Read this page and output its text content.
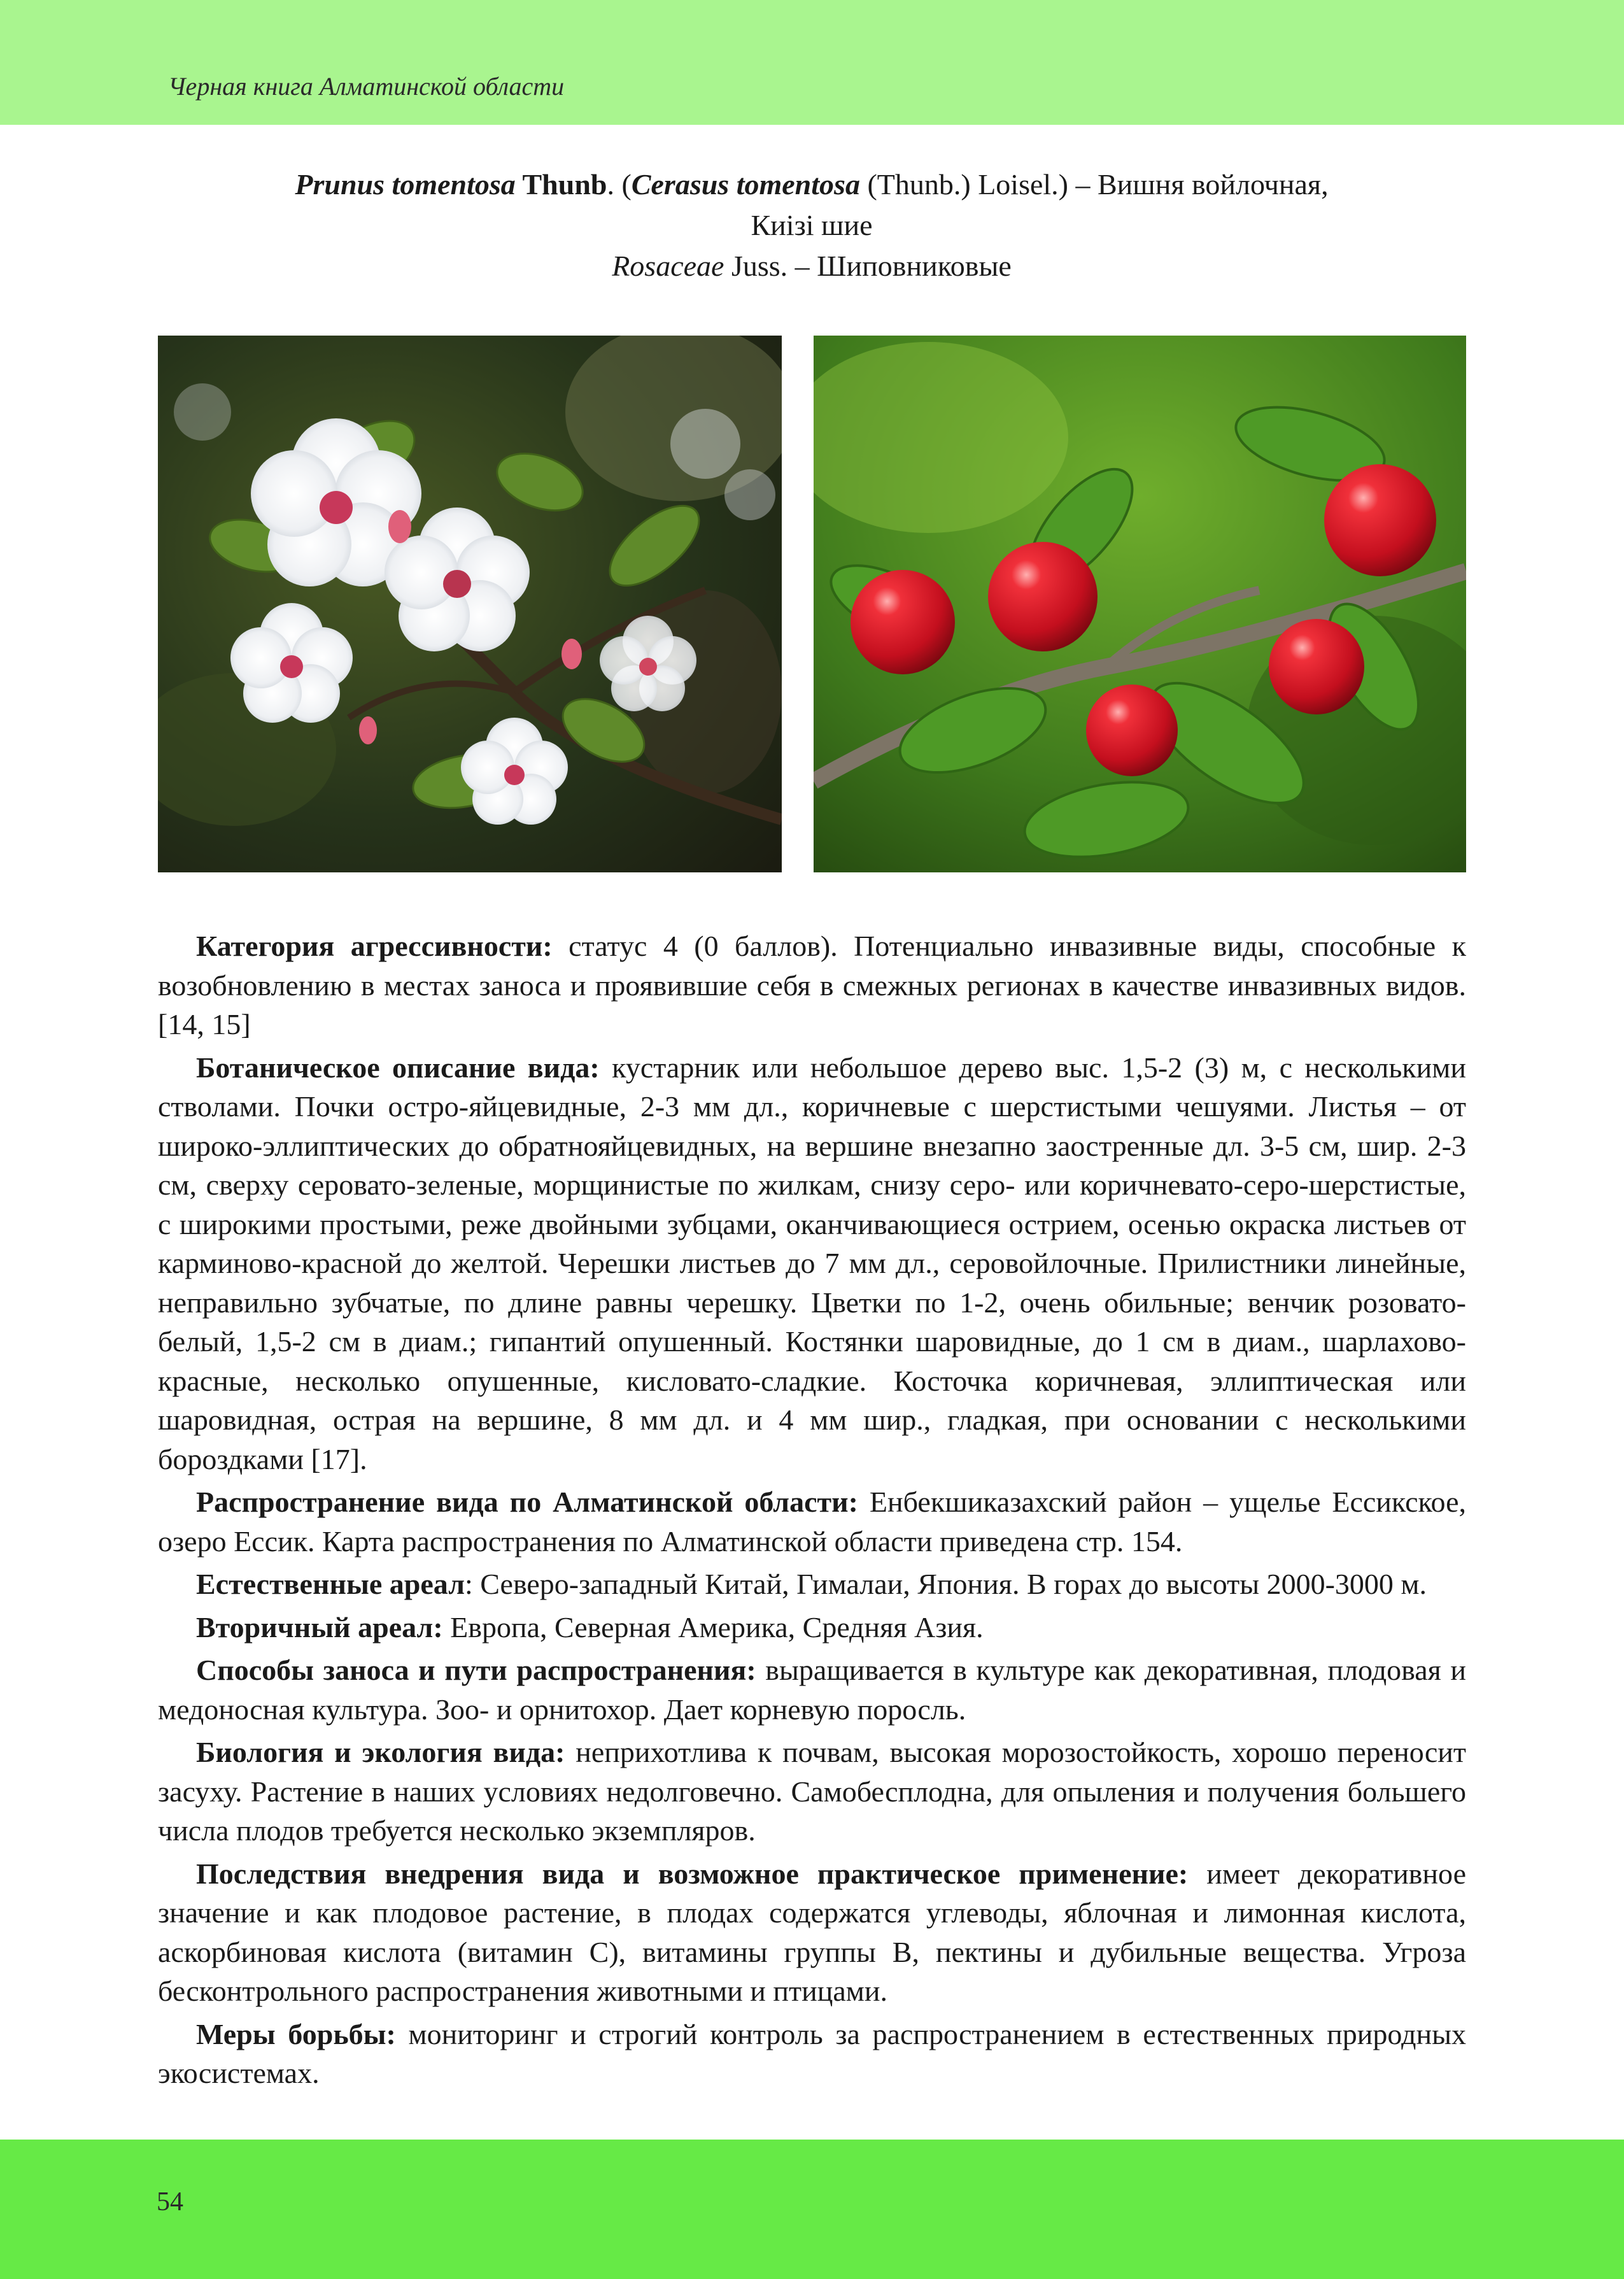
Черная книга Алматинской области
Prunus tomentosa Thunb. (Cerasus tomentosa (Thunb.) Loisel.) – Вишня войлочная,
Киізі шие
Rosaceae Juss. – Шиповниковые

Категория агрессивности: статус 4 (0 баллов). Потенциально инвазивные виды, способные к возобновлению в местах заноса и проявившие себя в смежных регионах в качестве инвазивных видов. [14, 15]

Ботаническое описание вида: кустарник или небольшое дерево выс. 1,5-2 (3) м, с несколькими стволами. Почки остро-яйцевидные, 2-3 мм дл., коричневые с шерстистыми чешуями. Листья – от широко-эллиптических до обратнояйцевидных, на вершине внезапно заостренные дл. 3-5 см, шир. 2-3 см, сверху серовато-зеленые, морщинистые по жилкам, снизу серо- или коричневато-серо-шерстистые, с широкими простыми, реже двойными зубцами, оканчивающиеся острием, осенью окраска листьев от карминово-красной до желтой. Черешки листьев до 7 мм дл., серовойлочные. Прилистники линейные, неправильно зубчатые, по длине равны черешку. Цветки по 1-2, очень обильные; венчик розовато-белый, 1,5-2 см в диам.; гипантий опушенный. Костянки шаровидные, до 1 см в диам., шарлахово-красные, несколько опушенные, кисловато-сладкие. Косточка коричневая, эллиптическая или шаровидная, острая на вершине, 8 мм дл. и 4 мм шир., гладкая, при основании с несколькими бороздками [17].

Распространение вида по Алматинской области: Енбекшиказахский район – ущелье Ессикское, озеро Ессик. Карта распространения по Алматинской области приведена стр. 154.

Естественные ареал: Северо-западный Китай, Гималаи, Япония. В горах до высоты 2000-3000 м.

Вторичный ареал: Европа, Северная Америка, Средняя Азия.

Способы заноса и пути распространения: выращивается в культуре как декоративная, плодовая и медоносная культура. Зоо- и орнитохор. Дает корневую поросль.

Биология и экология вида: неприхотлива к почвам, высокая морозостойкость, хорошо переносит засуху. Растение в наших условиях недолговечно. Самобесплодна, для опыления и получения большего числа плодов требуется несколько экземпляров.

Последствия внедрения вида и возможное практическое применение: имеет декоративное значение и как плодовое растение, в плодах содержатся углеводы, яблочная и лимонная кислота, аскорбиновая кислота (витамин С), витамины группы В, пектины и дубильные вещества. Угроза бесконтрольного распространения животными и птицами.

Меры борьбы: мониторинг и строгий контроль за распространением в естественных природных экосистемах.

54
